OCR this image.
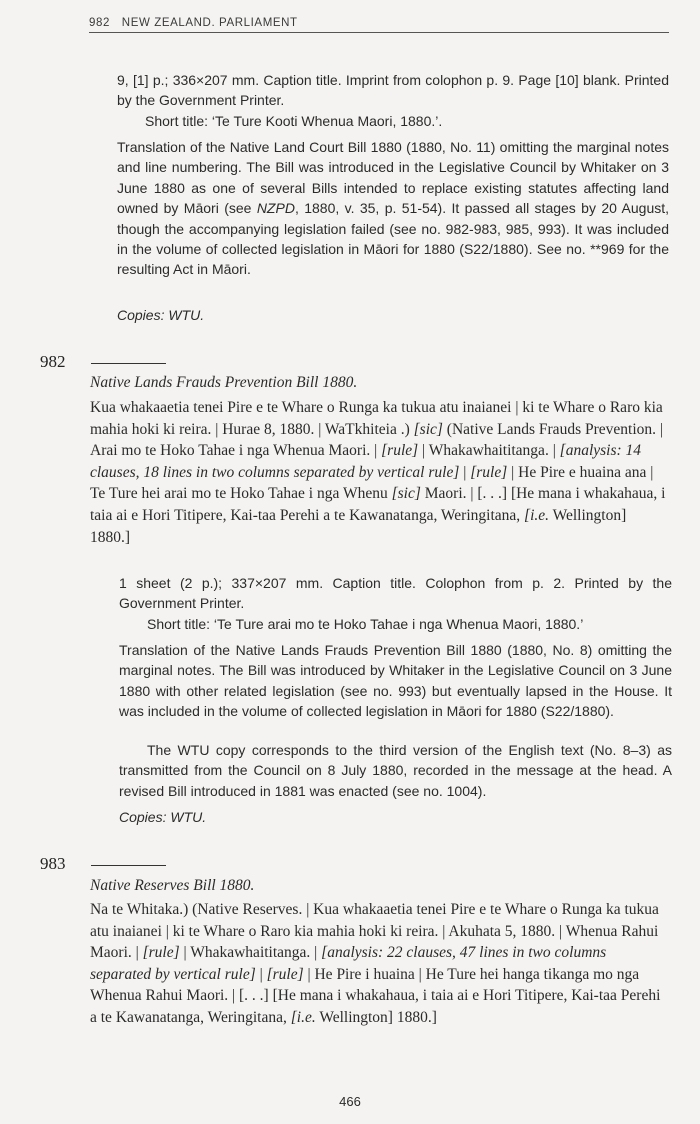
982 NEW ZEALAND. PARLIAMENT
9, [1] p.; 336×207 mm. Caption title. Imprint from colophon p. 9. Page [10] blank. Printed by the Government Printer.
Short title: ‘Te Ture Kooti Whenua Maori, 1880.’.
Translation of the Native Land Court Bill 1880 (1880, No. 11) omitting the marginal notes and line numbering. The Bill was introduced in the Legislative Council by Whitaker on 3 June 1880 as one of several Bills intended to replace existing statutes affecting land owned by Māori (see NZPD, 1880, v. 35, p. 51-54). It passed all stages by 20 August, though the accompanying legislation failed (see no. 982-983, 985, 993). It was included in the volume of collected legislation in Māori for 1880 (S22/1880). See no. **969 for the resulting Act in Māori.
Copies: WTU.
982
Native Lands Frauds Prevention Bill 1880.
Kua whakaaetia tenei Pire e te Whare o Runga ka tukua atu inaianei | ki te Whare o Raro kia mahia hoki ki reira. | Hurae 8, 1880. | WaTkhiteia .) [sic] (Native Lands Frauds Prevention. | Arai mo te Hoko Tahae i nga Whenua Maori. | [rule] | Whakawhaititanga. | [analysis: 14 clauses, 18 lines in two columns separated by vertical rule] | [rule] | He Pire e huaina ana | Te Ture hei arai mo te Hoko Tahae i nga Whenu [sic] Maori. | [. . .] [He mana i whakahaua, i taia ai e Hori Titipere, Kai-taa Perehi a te Kawanatanga, Weringitana, [i.e. Wellington] 1880.]
1 sheet (2 p.); 337×207 mm. Caption title. Colophon from p. 2. Printed by the Government Printer.
Short title: ‘Te Ture arai mo te Hoko Tahae i nga Whenua Maori, 1880.’
Translation of the Native Lands Frauds Prevention Bill 1880 (1880, No. 8) omitting the marginal notes. The Bill was introduced by Whitaker in the Legislative Council on 3 June 1880 with other related legislation (see no. 993) but eventually lapsed in the House. It was included in the volume of collected legislation in Māori for 1880 (S22/1880).
The WTU copy corresponds to the third version of the English text (No. 8–3) as transmitted from the Council on 8 July 1880, recorded in the message at the head. A revised Bill introduced in 1881 was enacted (see no. 1004).
Copies: WTU.
983
Native Reserves Bill 1880.
Na te Whitaka.) (Native Reserves. | Kua whakaaetia tenei Pire e te Whare o Runga ka tukua atu inaianei | ki te Whare o Raro kia mahia hoki ki reira. | Akuhata 5, 1880. | Whenua Rahui Maori. | [rule] | Whakawhaititanga. | [analysis: 22 clauses, 47 lines in two columns separated by vertical rule] | [rule] | He Pire i huaina | He Ture hei hanga tikanga mo nga Whenua Rahui Maori. | [. . .] [He mana i whakahaua, i taia ai e Hori Titipere, Kai-taa Perehi a te Kawanatanga, Weringitana, [i.e. Wellington] 1880.]
466
